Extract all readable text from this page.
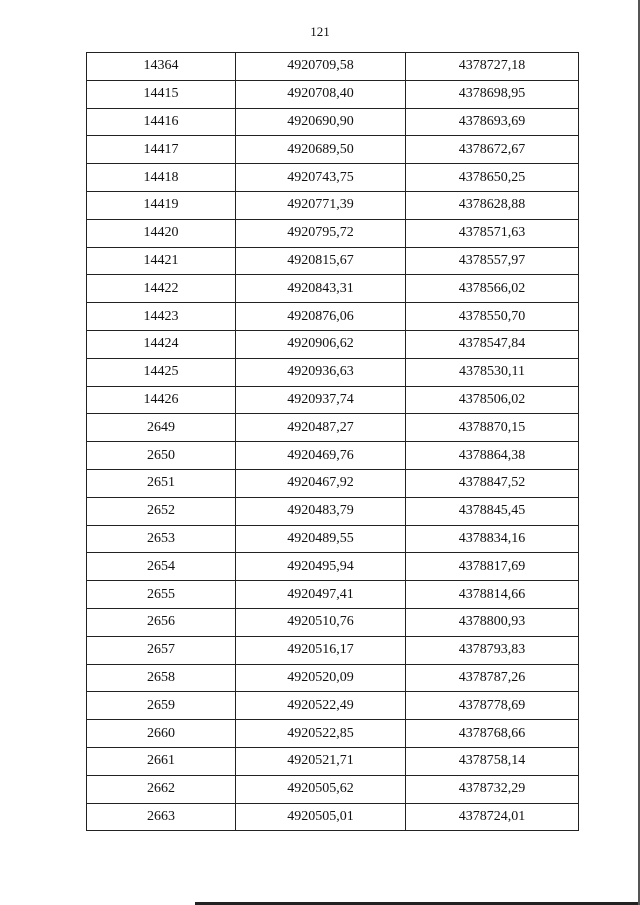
121
14364	4920709,58	4378727,18
14415	4920708,40	4378698,95
14416	4920690,90	4378693,69
14417	4920689,50	4378672,67
14418	4920743,75	4378650,25
14419	4920771,39	4378628,88
14420	4920795,72	4378571,63
14421	4920815,67	4378557,97
14422	4920843,31	4378566,02
14423	4920876,06	4378550,70
14424	4920906,62	4378547,84
14425	4920936,63	4378530,11
14426	4920937,74	4378506,02
2649	4920487,27	4378870,15
2650	4920469,76	4378864,38
2651	4920467,92	4378847,52
2652	4920483,79	4378845,45
2653	4920489,55	4378834,16
2654	4920495,94	4378817,69
2655	4920497,41	4378814,66
2656	4920510,76	4378800,93
2657	4920516,17	4378793,83
2658	4920520,09	4378787,26
2659	4920522,49	4378778,69
2660	4920522,85	4378768,66
2661	4920521,71	4378758,14
2662	4920505,62	4378732,29
2663	4920505,01	4378724,01
